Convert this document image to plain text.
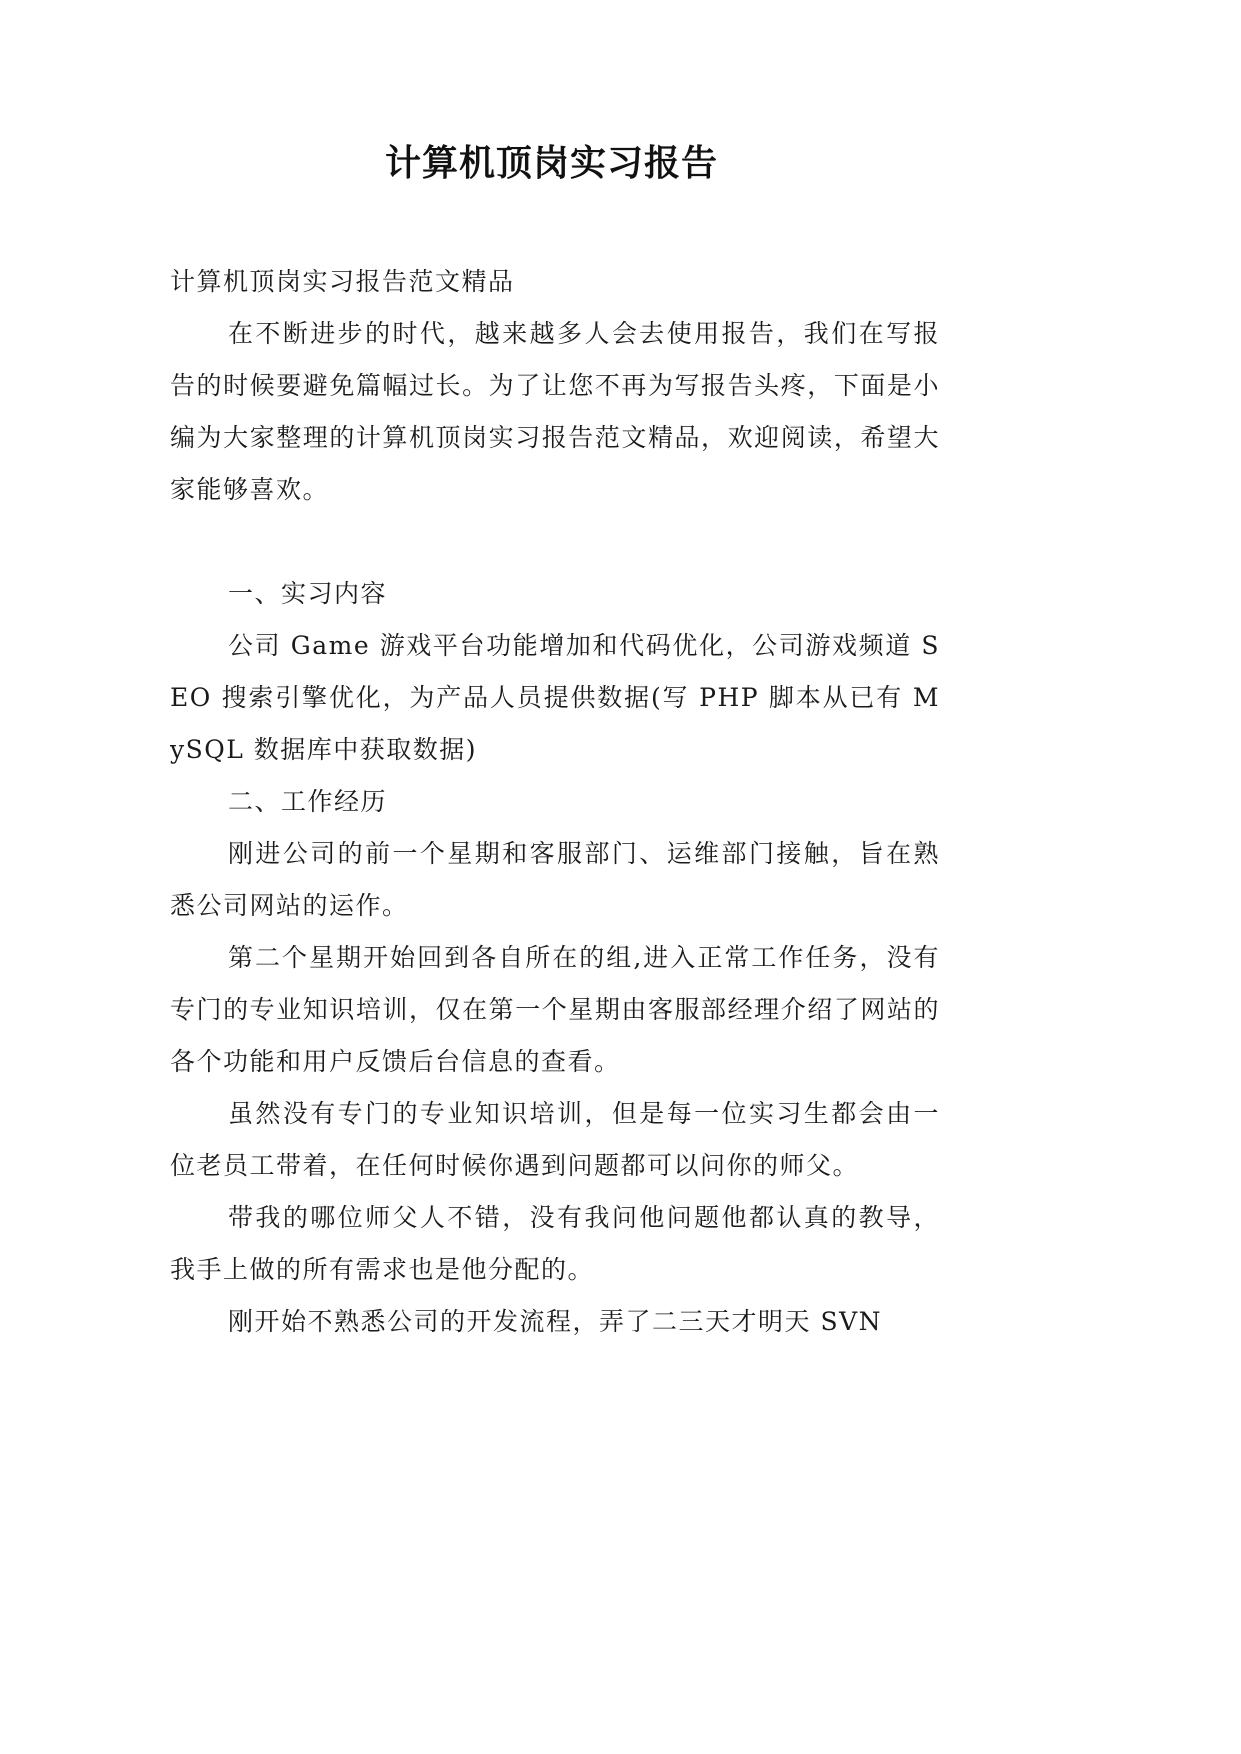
计算机顶岗实习报告

计算机顶岗实习报告范文精品

在不断进步的时代，越来越多人会去使用报告，我们在写报告的时候要避免篇幅过长。为了让您不再为写报告头疼，下面是小编为大家整理的计算机顶岗实习报告范文精品，欢迎阅读，希望大家能够喜欢。

一、实习内容

公司 Game 游戏平台功能增加和代码优化，公司游戏频道 SEO 搜索引擎优化，为产品人员提供数据(写 PHP 脚本从已有 MySQL 数据库中获取数据)

二、工作经历

刚进公司的前一个星期和客服部门、运维部门接触，旨在熟悉公司网站的运作。

第二个星期开始回到各自所在的组,进入正常工作任务，没有专门的专业知识培训，仅在第一个星期由客服部经理介绍了网站的各个功能和用户反馈后台信息的查看。

虽然没有专门的专业知识培训，但是每一位实习生都会由一位老员工带着，在任何时候你遇到问题都可以问你的师父。

带我的哪位师父人不错，没有我问他问题他都认真的教导，我手上做的所有需求也是他分配的。

刚开始不熟悉公司的开发流程，弄了二三天才明天 SVN
